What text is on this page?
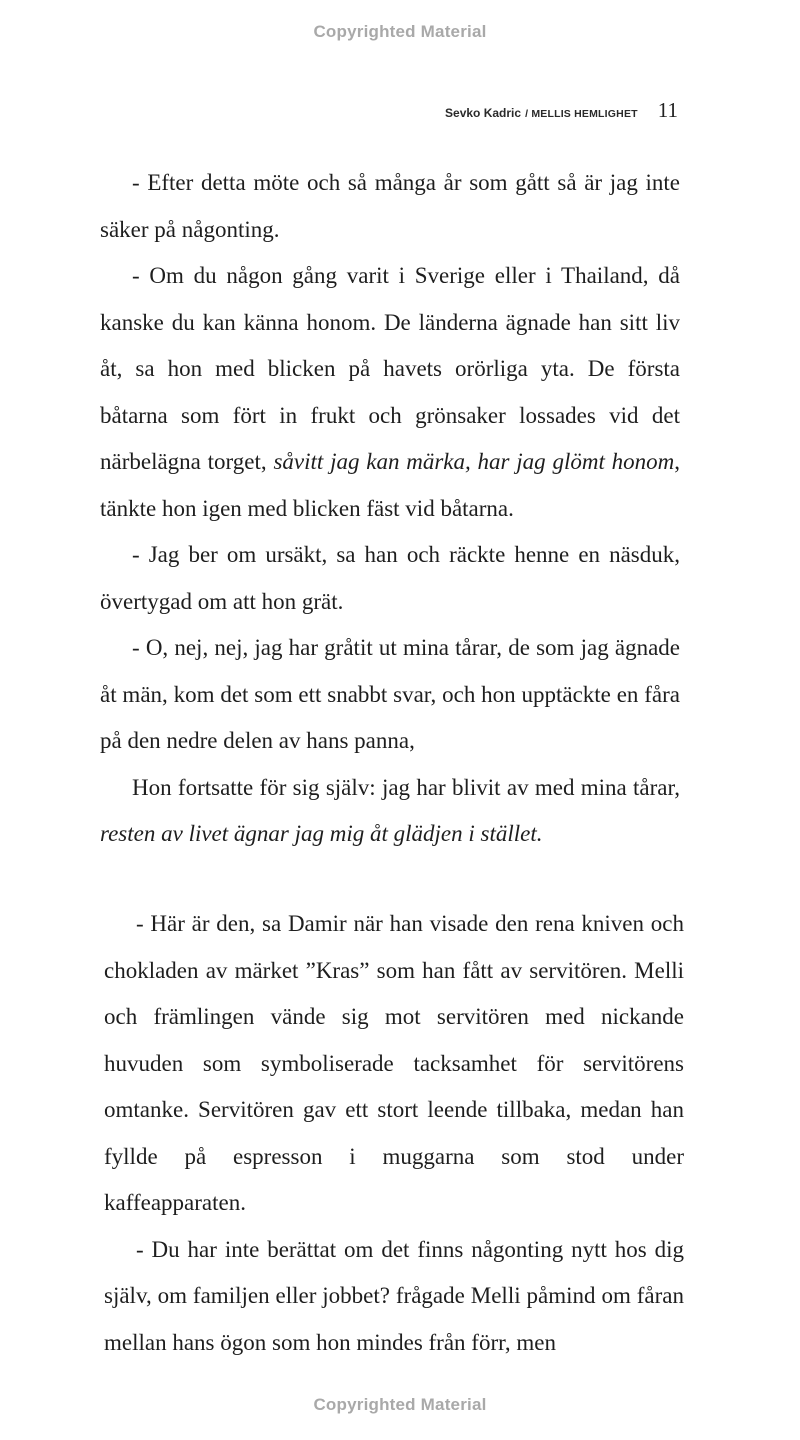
Copyrighted Material
Sevko Kadric / MELLIS HEMLIGHET 11

- Efter detta möte och så många år som gått så är jag inte säker på någonting.

- Om du någon gång varit i Sverige eller i Thailand, då kanske du kan känna honom. De länderna ägnade han sitt liv åt, sa hon med blicken på havets orörliga yta. De första båtarna som fört in frukt och grönsaker lossades vid det närbelägna torget, såvitt jag kan märka, har jag glömt honom, tänkte hon igen med blicken fäst vid båtarna.

- Jag ber om ursäkt, sa han och räckte henne en näsduk, övertygad om att hon grät.

- O, nej, nej, jag har gråtit ut mina tårar, de som jag ägnade åt män, kom det som ett snabbt svar, och hon upptäckte en fåra på den nedre delen av hans panna,

Hon fortsatte för sig själv: jag har blivit av med mina tårar, resten av livet ägnar jag mig åt glädjen i stället.

- Här är den, sa Damir när han visade den rena kniven och chokladen av märket ”Kras” som han fått av servitören. Melli och främlingen vände sig mot servitören med nickande huvuden som symboliserade tacksamhet för servitörens omtanke. Servitören gav ett stort leende tillbaka, medan han fyllde på espresson i muggarna som stod under kaffeapparaten.

- Du har inte berättat om det finns någonting nytt hos dig själv, om familjen eller jobbet? frågade Melli påmind om fåran mellan hans ögon som hon mindes från förr, men

Copyrighted Material
